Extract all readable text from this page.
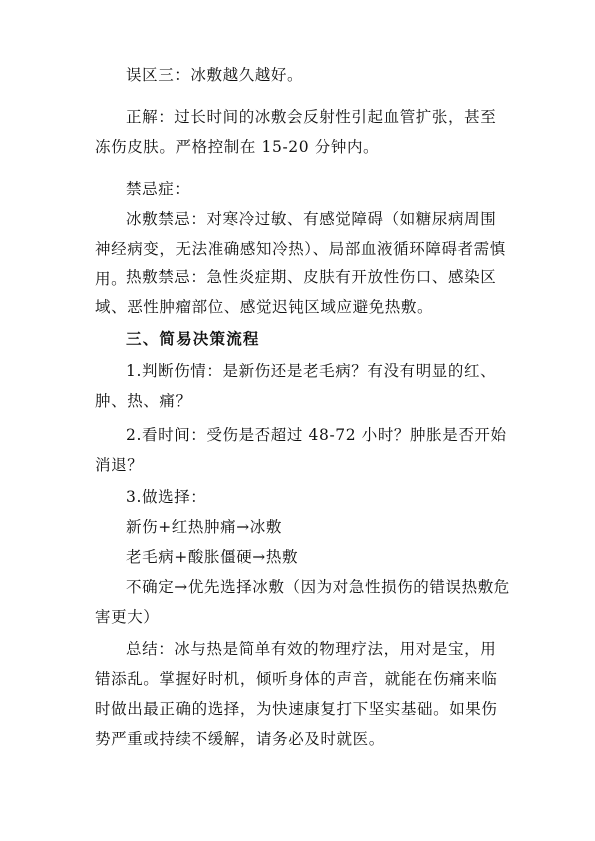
误区三：冰敷越久越好。

正解：过长时间的冰敷会反射性引起血管扩张，甚至冻伤皮肤。严格控制在 15-20 分钟内。

禁忌症：

冰敷禁忌：对寒冷过敏、有感觉障碍（如糖尿病周围神经病变，无法准确感知冷热）、局部血液循环障碍者需慎用。

热敷禁忌：急性炎症期、皮肤有开放性伤口、感染区域、恶性肿瘤部位、感觉迟钝区域应避免热敷。

三、简易决策流程

1.判断伤情：是新伤还是老毛病？有没有明显的红、肿、热、痛？

2.看时间：受伤是否超过 48-72 小时？肿胀是否开始消退？

3.做选择：

新伤+红热肿痛→冰敷

老毛病+酸胀僵硬→热敷

不确定→优先选择冰敷（因为对急性损伤的错误热敷危害更大）

总结：冰与热是简单有效的物理疗法，用对是宝，用错添乱。掌握好时机，倾听身体的声音，就能在伤痛来临时做出最正确的选择，为快速康复打下坚实基础。如果伤势严重或持续不缓解，请务必及时就医。
